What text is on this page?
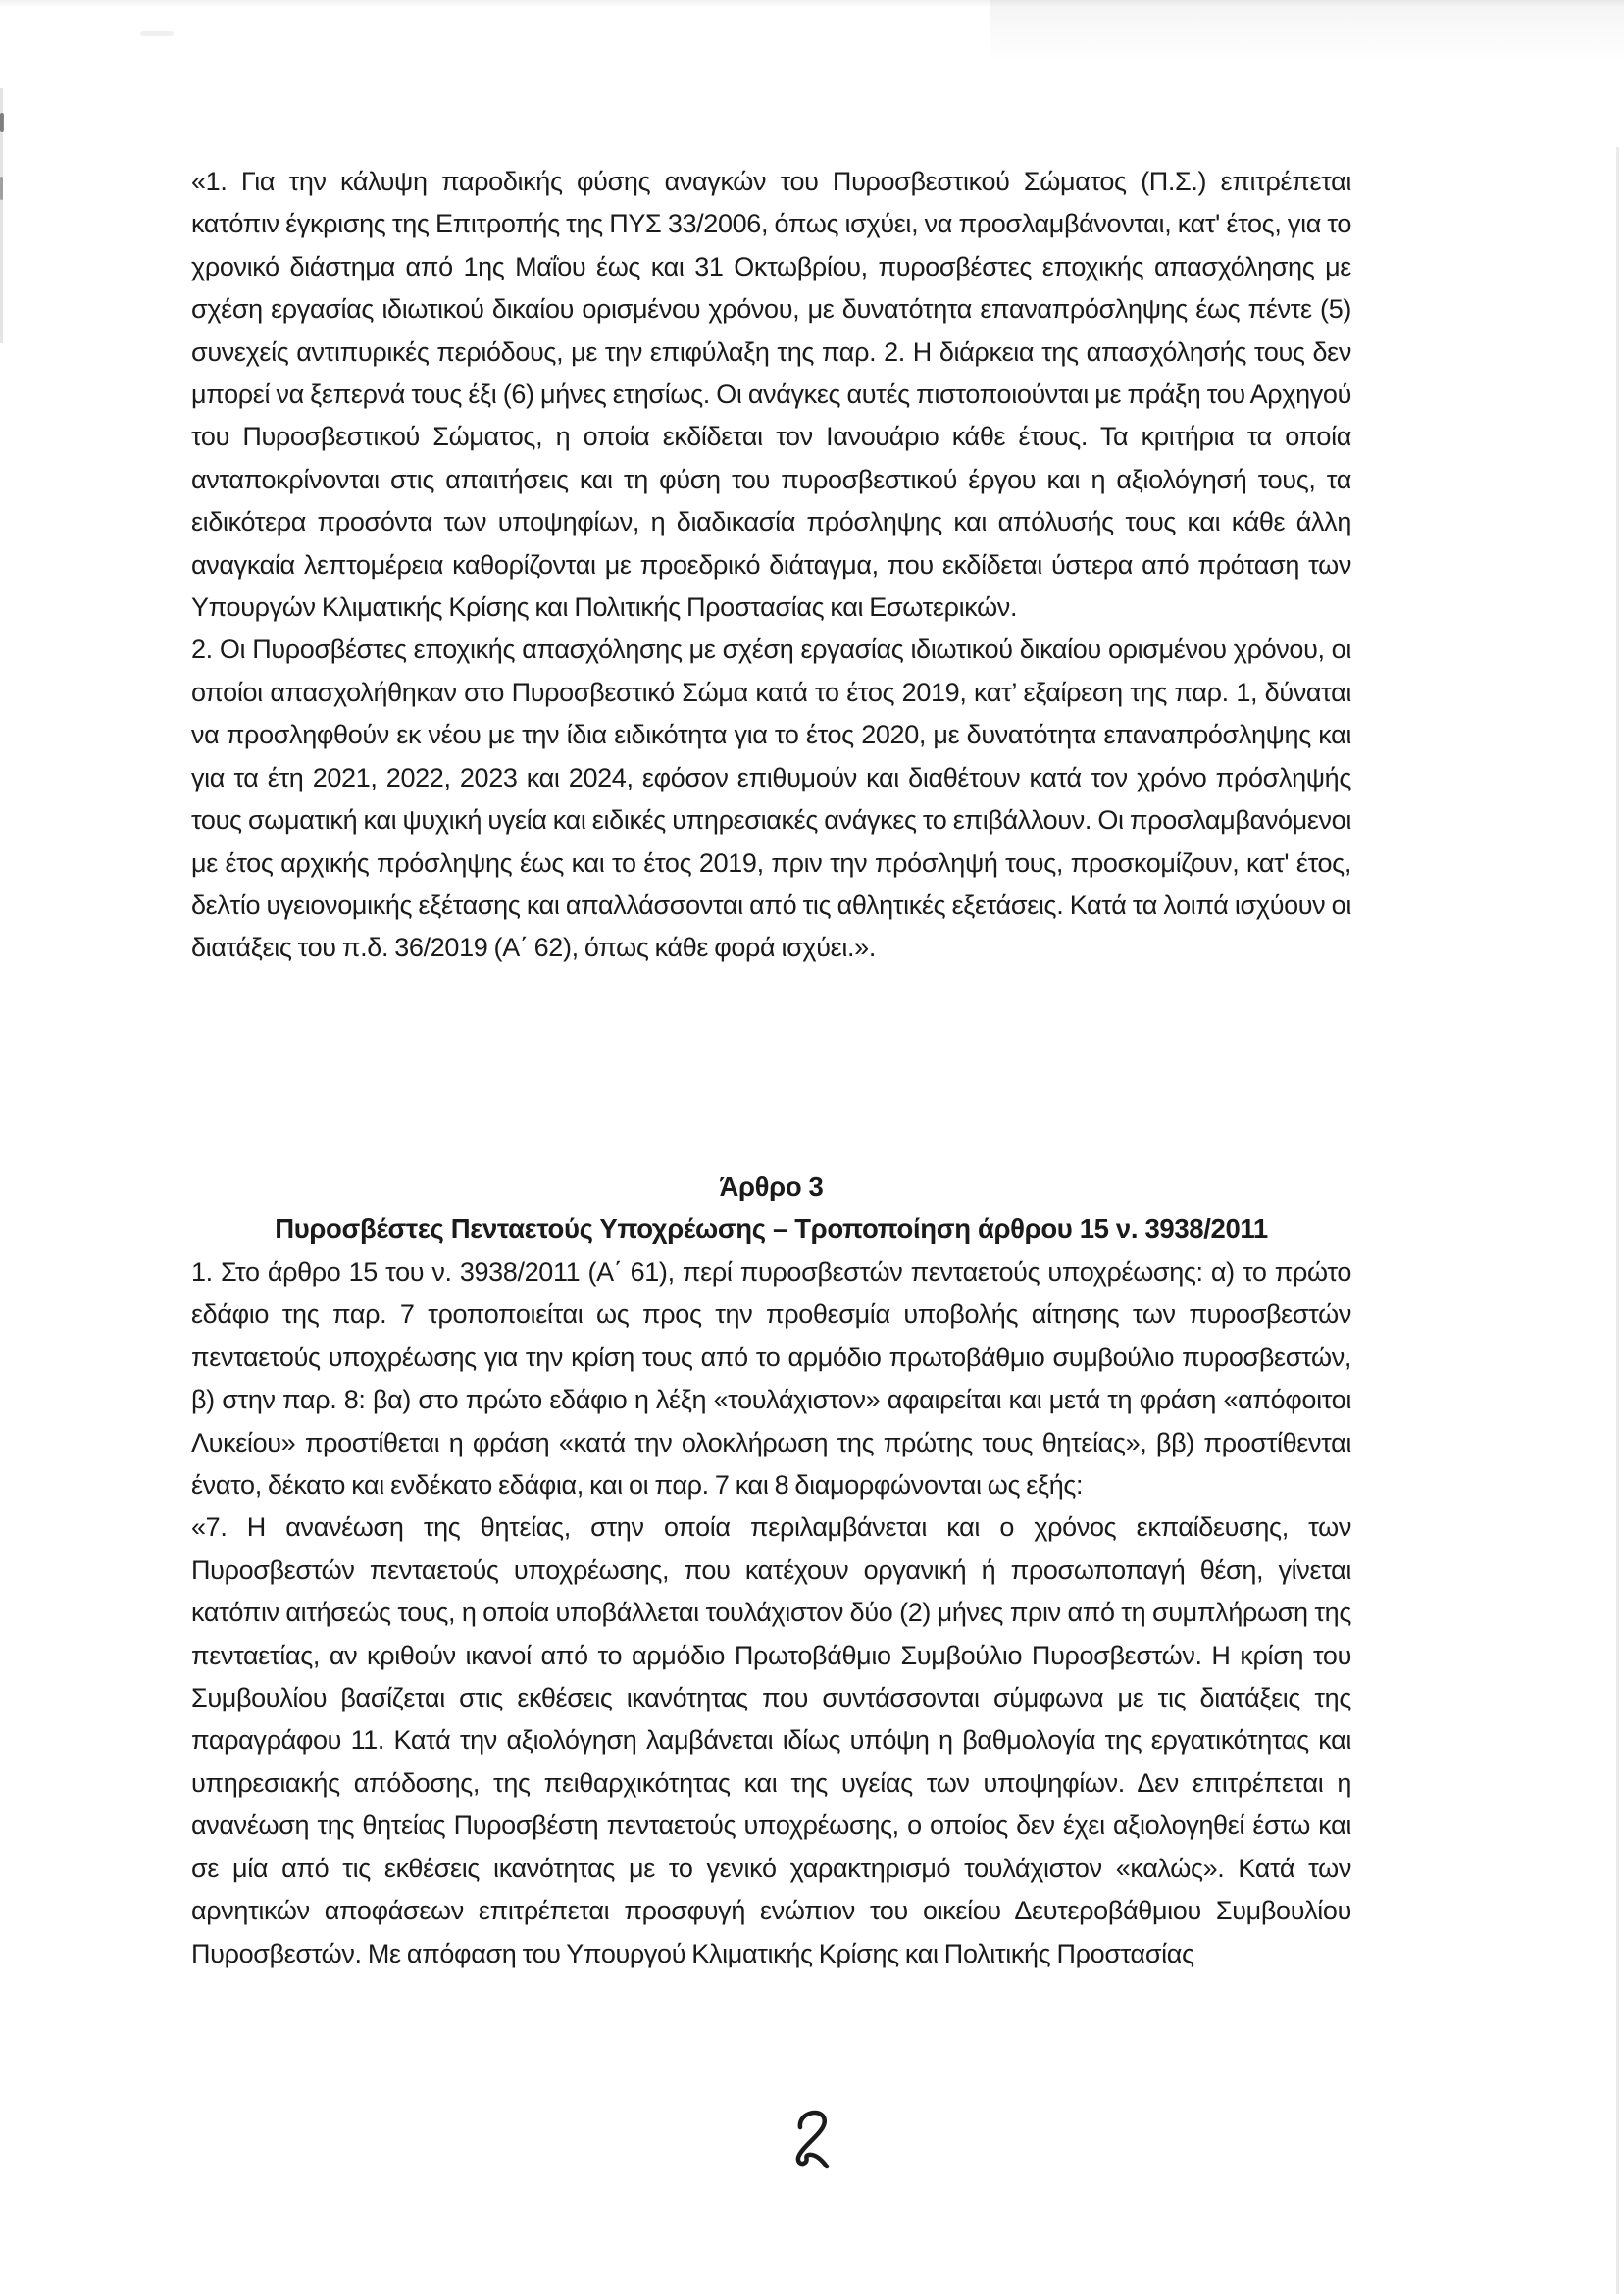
«1. Για την κάλυψη παροδικής φύσης αναγκών του Πυροσβεστικού Σώματος (Π.Σ.) επιτρέπεται κατόπιν έγκρισης της Επιτροπής της ΠΥΣ 33/2006, όπως ισχύει, να προσλαμβάνονται, κατ' έτος, για το χρονικό διάστημα από 1ης Μαΐου έως και 31 Οκτωβρίου, πυροσβέστες εποχικής απασχόλησης με σχέση εργασίας ιδιωτικού δικαίου ορισμένου χρόνου, με δυνατότητα επαναπρόσληψης έως πέντε (5) συνεχείς αντιπυρικές περιόδους, με την επιφύλαξη της παρ. 2. Η διάρκεια της απασχόλησής τους δεν μπορεί να ξεπερνά τους έξι (6) μήνες ετησίως. Οι ανάγκες αυτές πιστοποιούνται με πράξη του Αρχηγού του Πυροσβεστικού Σώματος, η οποία εκδίδεται τον Ιανουάριο κάθε έτους. Τα κριτήρια τα οποία ανταποκρίνονται στις απαιτήσεις και τη φύση του πυροσβεστικού έργου και η αξιολόγησή τους, τα ειδικότερα προσόντα των υποψηφίων, η διαδικασία πρόσληψης και απόλυσής τους και κάθε άλλη αναγκαία λεπτομέρεια καθορίζονται με προεδρικό διάταγμα, που εκδίδεται ύστερα από πρόταση των Υπουργών Κλιματικής Κρίσης και Πολιτικής Προστασίας και Εσωτερικών.

2. Οι Πυροσβέστες εποχικής απασχόλησης με σχέση εργασίας ιδιωτικού δικαίου ορισμένου χρόνου, οι οποίοι απασχολήθηκαν στο Πυροσβεστικό Σώμα κατά το έτος 2019, κατ’ εξαίρεση της παρ. 1, δύναται να προσληφθούν εκ νέου με την ίδια ειδικότητα για το έτος 2020, με δυνατότητα επαναπρόσληψης και για τα έτη 2021, 2022, 2023 και 2024, εφόσον επιθυμούν και διαθέτουν κατά τον χρόνο πρόσληψής τους σωματική και ψυχική υγεία και ειδικές υπηρεσιακές ανάγκες το επιβάλλουν. Οι προσλαμβανόμενοι με έτος αρχικής πρόσληψης έως και το έτος 2019, πριν την πρόσληψή τους, προσκομίζουν, κατ' έτος, δελτίο υγειονομικής εξέτασης και απαλλάσσονται από τις αθλητικές εξετάσεις. Κατά τα λοιπά ισχύουν οι διατάξεις του π.δ. 36/2019 (Α΄ 62), όπως κάθε φορά ισχύει.».

Άρθρο 3

Πυροσβέστες Πενταετούς Υποχρέωσης – Τροποποίηση άρθρου 15 ν. 3938/2011

1. Στο άρθρο 15 του ν. 3938/2011 (Α΄ 61), περί πυροσβεστών πενταετούς υποχρέωσης: α) το πρώτο εδάφιο της παρ. 7 τροποποιείται ως προς την προθεσμία υποβολής αίτησης των πυροσβεστών πενταετούς υποχρέωσης για την κρίση τους από το αρμόδιο πρωτοβάθμιο συμβούλιο πυροσβεστών, β) στην παρ. 8: βα) στο πρώτο εδάφιο η λέξη «τουλάχιστον» αφαιρείται και μετά τη φράση «απόφοιτοι Λυκείου» προστίθεται η φράση «κατά την ολοκλήρωση της πρώτης τους θητείας», ββ) προστίθενται ένατο, δέκατο και ενδέκατο εδάφια, και οι παρ. 7 και 8 διαμορφώνονται ως εξής:

«7. Η ανανέωση της θητείας, στην οποία περιλαμβάνεται και ο χρόνος εκπαίδευσης, των Πυροσβεστών πενταετούς υποχρέωσης, που κατέχουν οργανική ή προσωποπαγή θέση, γίνεται κατόπιν αιτήσεώς τους, η οποία υποβάλλεται τουλάχιστον δύο (2) μήνες πριν από τη συμπλήρωση της πενταετίας, αν κριθούν ικανοί από το αρμόδιο Πρωτοβάθμιο Συμβούλιο Πυροσβεστών. Η κρίση του Συμβουλίου βασίζεται στις εκθέσεις ικανότητας που συντάσσονται σύμφωνα με τις διατάξεις της παραγράφου 11. Κατά την αξιολόγηση λαμβάνεται ιδίως υπόψη η βαθμολογία της εργατικότητας και υπηρεσιακής απόδοσης, της πειθαρχικότητας και της υγείας των υποψηφίων. Δεν επιτρέπεται η ανανέωση της θητείας Πυροσβέστη πενταετούς υποχρέωσης, ο οποίος δεν έχει αξιολογηθεί έστω και σε μία από τις εκθέσεις ικανότητας με το γενικό χαρακτηρισμό τουλάχιστον «καλώς». Κατά των αρνητικών αποφάσεων επιτρέπεται προσφυγή ενώπιον του οικείου Δευτεροβάθμιου Συμβουλίου Πυροσβεστών. Με απόφαση του Υπουργού Κλιματικής Κρίσης και Πολιτικής Προστασίας
